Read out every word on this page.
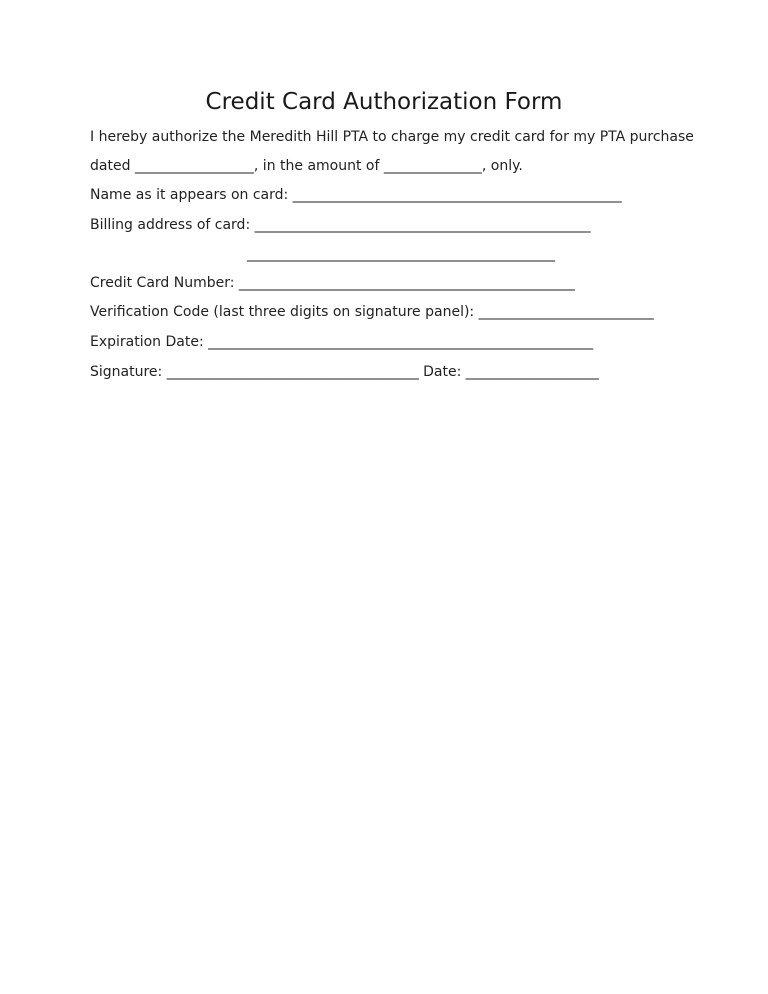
Credit Card Authorization Form
I hereby authorize the Meredith Hill PTA to charge my credit card for my PTA purchase
dated _________________, in the amount of ______________, only.
Name as it appears on card: _______________________________________________
Billing address of card: ________________________________________________
____________________________________________
Credit Card Number: ________________________________________________
Verification Code (last three digits on signature panel): _________________________
Expiration Date: _______________________________________________________
Signature: ____________________________________ Date: ___________________
